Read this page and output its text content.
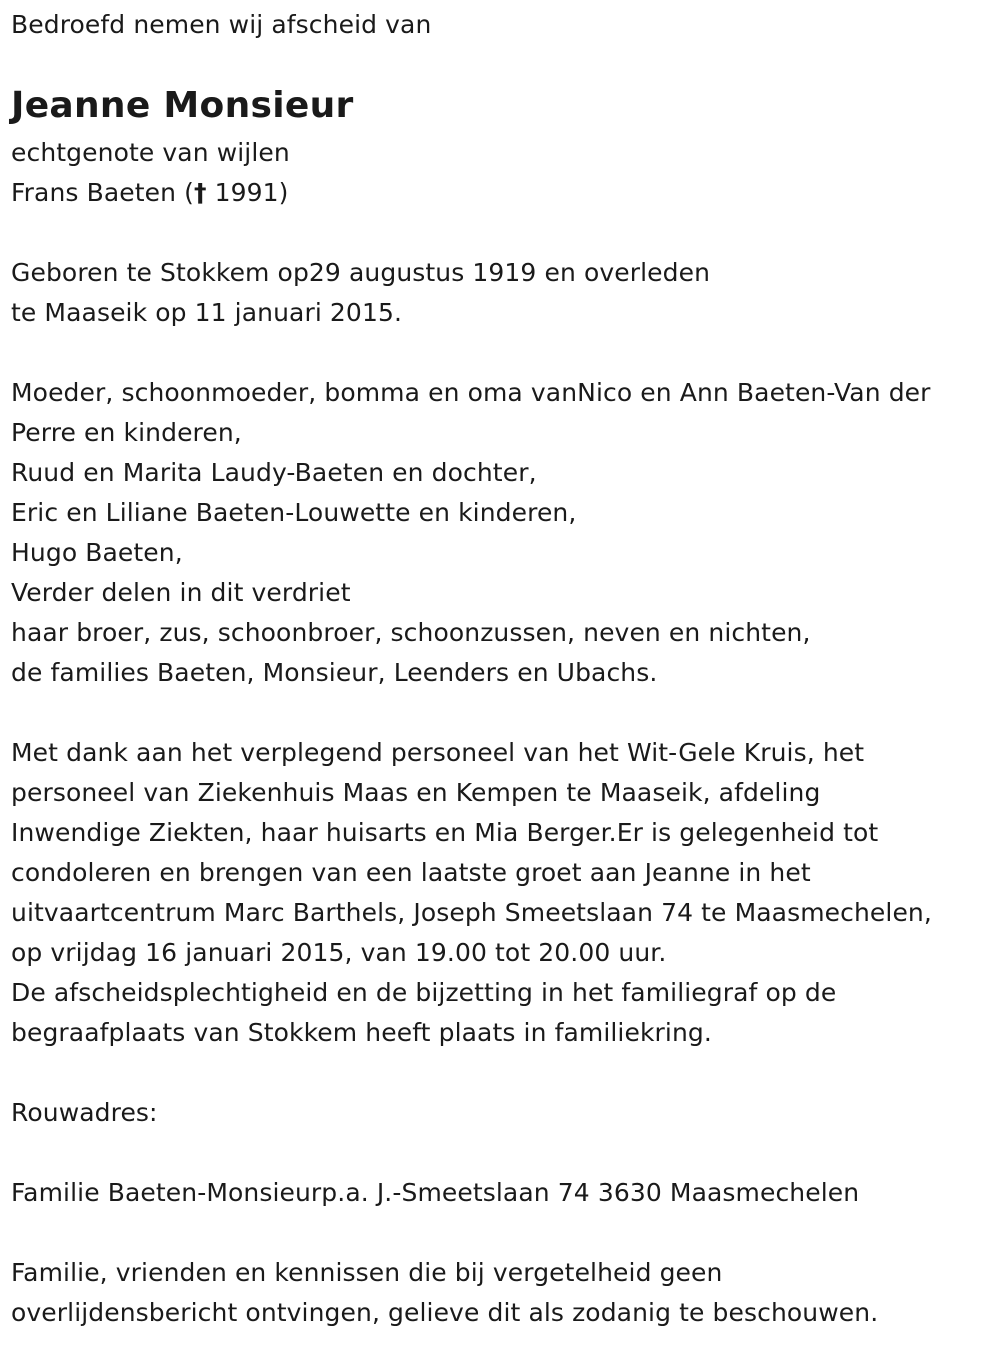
Bedroefd nemen wij afscheid van
Jeanne Monsieur
echtgenote van wijlen
Frans Baeten († 1991)
Geboren te Stokkem op29 augustus 1919 en overleden
te Maaseik op 11 januari 2015.
Moeder, schoonmoeder, bomma en oma vanNico en Ann Baeten-Van der
Perre en kinderen,
Ruud en Marita Laudy-Baeten en dochter,
Eric en Liliane Baeten-Louwette en kinderen,
Hugo Baeten,
Verder delen in dit verdriet
haar broer, zus, schoonbroer, schoonzussen, neven en nichten,
de families Baeten, Monsieur, Leenders en Ubachs.
Met dank aan het verplegend personeel van het Wit-Gele Kruis, het
personeel van Ziekenhuis Maas en Kempen te Maaseik, afdeling
Inwendige Ziekten, haar huisarts en Mia Berger.Er is gelegenheid tot
condoleren en brengen van een laatste groet aan Jeanne in het
uitvaartcentrum Marc Barthels, Joseph Smeetslaan 74 te Maasmechelen,
op vrijdag 16 januari 2015, van 19.00 tot 20.00 uur.
De afscheidsplechtigheid en de bijzetting in het familiegraf op de
begraafplaats van Stokkem heeft plaats in familiekring.
Rouwadres:
Familie Baeten-Monsieurp.a. J.-Smeetslaan 74 3630 Maasmechelen
Familie, vrienden en kennissen die bij vergetelheid geen
overlijdensbericht ontvingen, gelieve dit als zodanig te beschouwen.
